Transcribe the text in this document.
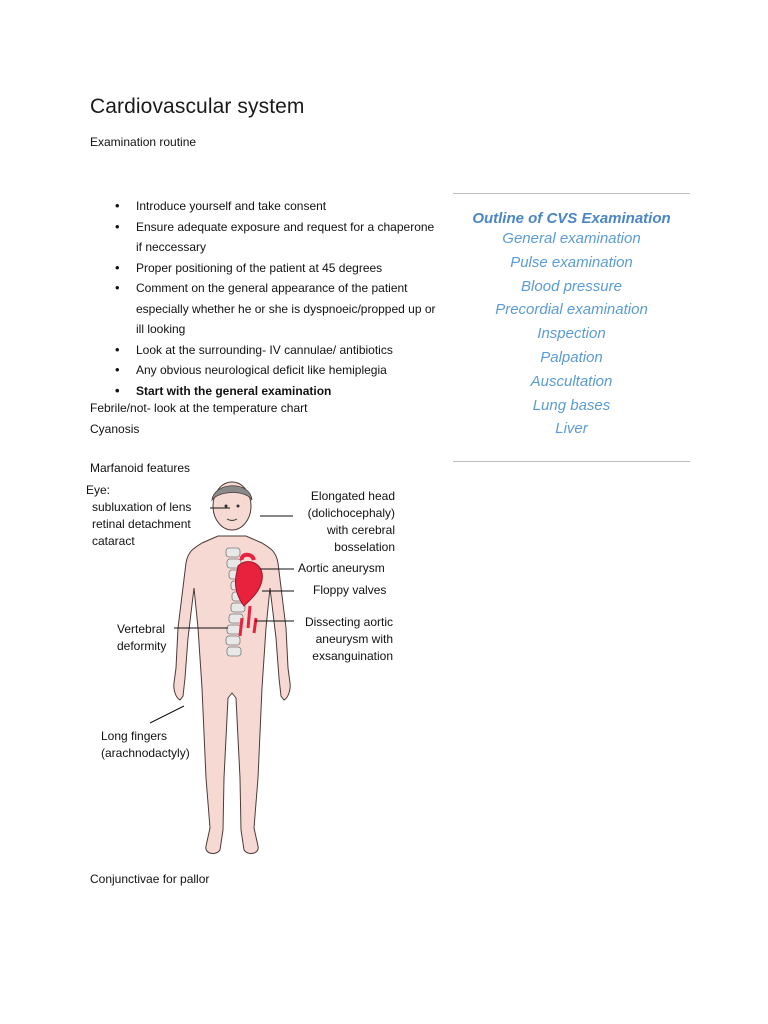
Cardiovascular system
Examination routine
• Introduce yourself and take consent
• Ensure adequate exposure and request for a chaperone if neccessary
• Proper positioning of the patient at 45 degrees
• Comment on the general appearance of the patient especially whether he or she is dyspnoeic/propped up or ill looking
• Look at the surrounding- IV cannulae/ antibiotics
• Any obvious neurological deficit like hemiplegia
• Start with the general examination
Febrile/not- look at the temperature chart
Cyanosis
Marfanoid features
Conjunctivae for pallor
Outline of CVS Examination
General examination
Pulse examination
Blood pressure
Precordial examination
Inspection
Palpation
Auscultation
Lung bases
Liver
Eye:
subluxation of lens
retinal detachment
cataract
Elongated head
(dolichocephaly)
with cerebral
bosselation
Aortic aneurysm
Floppy valves
Vertebral
deformity
Dissecting aortic
aneurysm with
exsanguination
Long fingers
(arachnodactyly)
